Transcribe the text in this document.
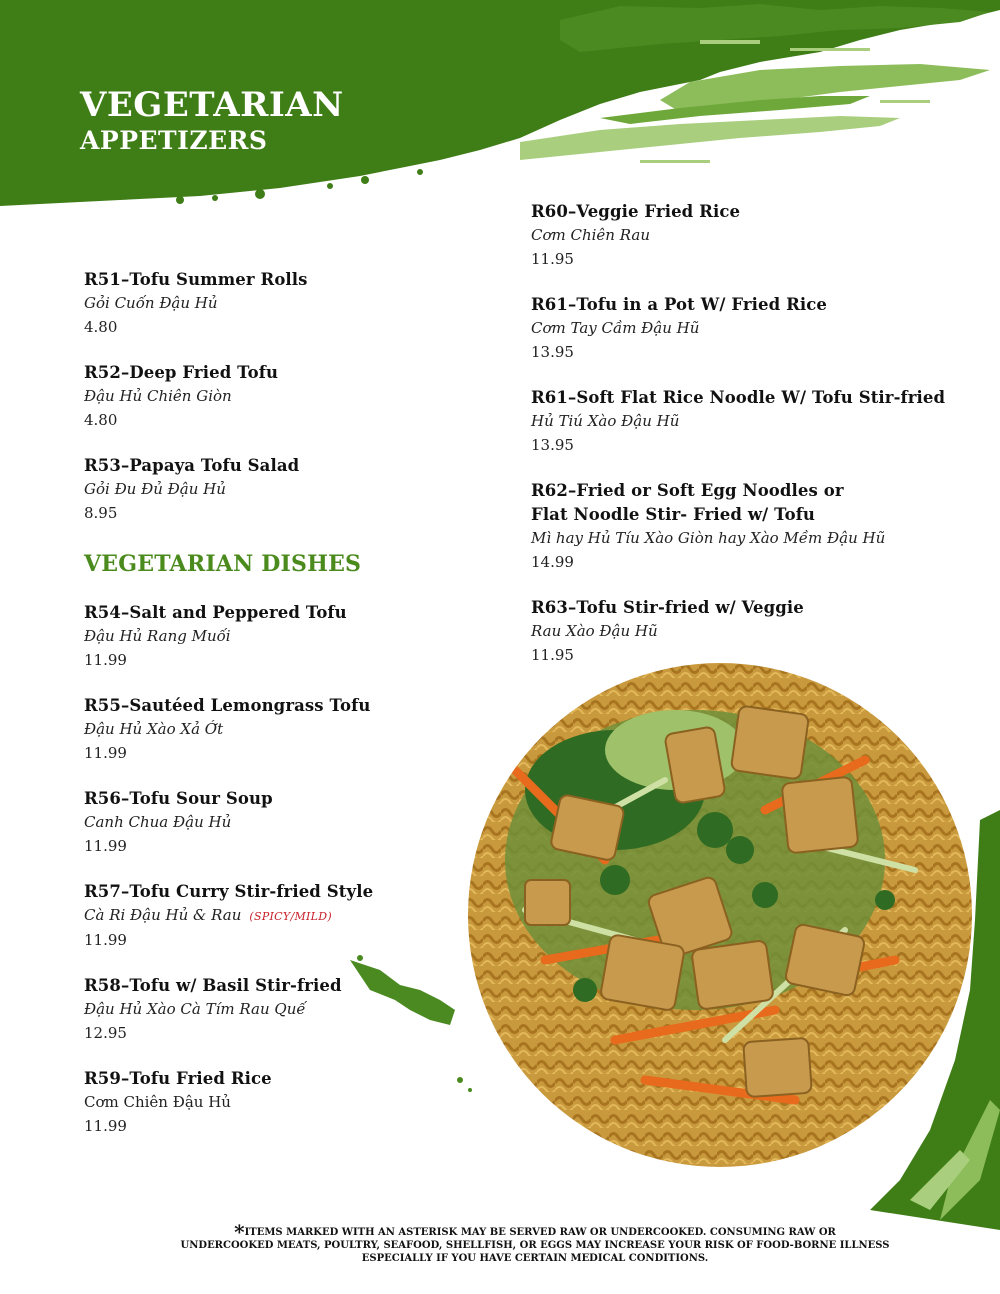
VEGETARIAN
APPETIZERS
R51–Tofu Summer Rolls
Gỏi Cuốn Đậu Hủ
4.80
R52–Deep Fried Tofu
Đậu Hủ Chiên Giòn
4.80
R53–Papaya Tofu Salad
Gỏi Đu Đủ Đậu Hủ
8.95
VEGETARIAN DISHES
R54–Salt and Peppered Tofu
Đậu Hủ Rang Muối
11.99
R55–Sautéed Lemongrass Tofu
Đậu Hủ Xào Xả Ớt
11.99
R56–Tofu Sour Soup
Canh Chua Đậu Hủ
11.99
R57–Tofu Curry Stir-fried Style
Cà Ri Đậu Hủ & Rau (SPICY/MILD)
11.99
R58–Tofu w/ Basil Stir-fried
Đậu Hủ Xào Cà Tím Rau Quế
12.95
R59–Tofu Fried Rice
Cơm Chiên Đậu Hủ
11.99
R60–Veggie Fried Rice
Cơm Chiên Rau
11.95
R61–Tofu in a Pot W/ Fried Rice
Cơm Tay Cầm Đậu Hũ
13.95
R61–Soft Flat Rice Noodle W/ Tofu Stir-fried
Hủ Tiú Xào Đậu Hũ
13.95
R62–Fried or Soft Egg Noodles or
Flat Noodle Stir- Fried w/ Tofu
Mì hay Hủ Tíu Xào Giòn hay Xào Mềm Đậu Hũ
14.99
R63–Tofu Stir-fried w/ Veggie
Rau Xào Đậu Hũ
11.95
*ITEMS MARKED WITH AN ASTERISK MAY BE SERVED RAW OR UNDERCOOKED. CONSUMING RAW OR
UNDERCOOKED MEATS, POULTRY, SEAFOOD, SHELLFISH, OR EGGS MAY INCREASE YOUR RISK OF FOOD-BORNE ILLNESS
ESPECIALLY IF YOU HAVE CERTAIN MEDICAL CONDITIONS.
